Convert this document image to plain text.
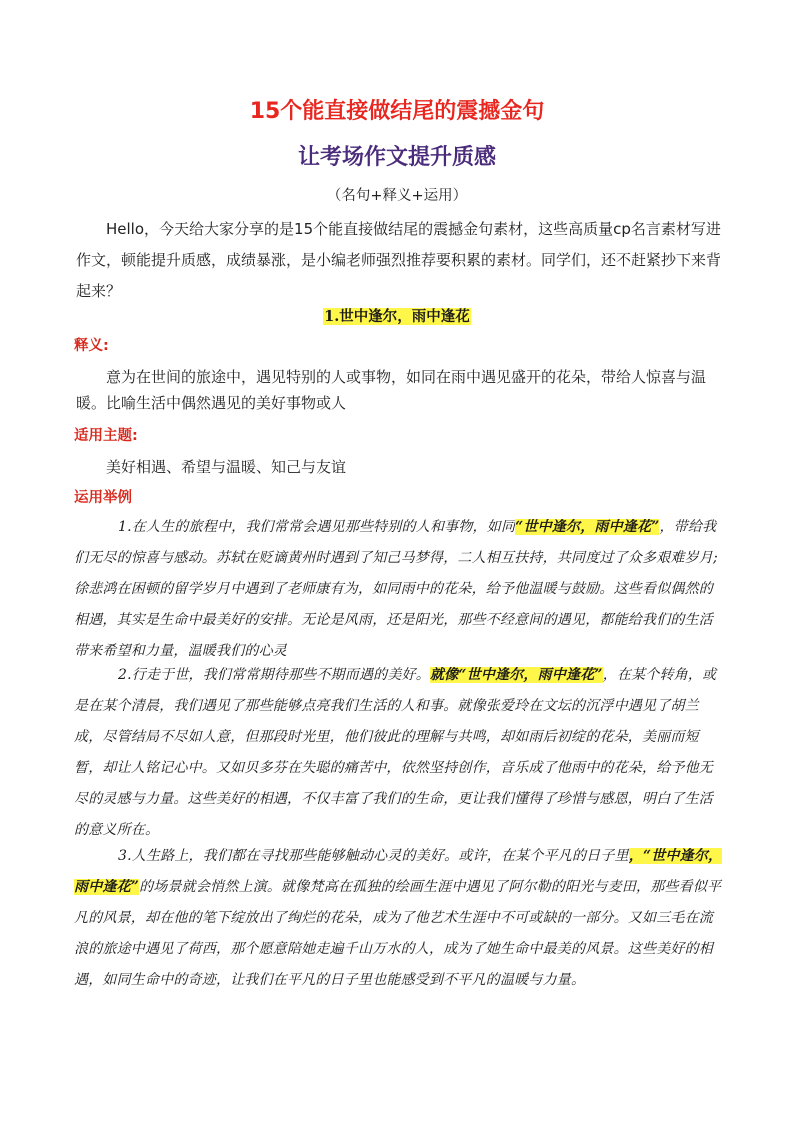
15个能直接做结尾的震撼金句
让考场作文提升质感
（名句+释义+运用）

Hello，今天给大家分享的是15个能直接做结尾的震撼金句素材，这些高质量cp名言素材写进作文，顿能提升质感，成绩暴涨，是小编老师强烈推荐要积累的素材。同学们，还不赶紧抄下来背起来？

1.世中逢尔，雨中逢花
释义:

意为在世间的旅途中，遇见特别的人或事物，如同在雨中遇见盛开的花朵，带给人惊喜与温暖。比喻生活中偶然遇见的美好事物或人

适用主题:

美好相遇、希望与温暖、知己与友谊

运用举例

1.在人生的旅程中，我们常常会遇见那些特别的人和事物，如同“世中逢尔，雨中逢花”，带给我们无尽的惊喜与感动。苏轼在贬谪黄州时遇到了知己马梦得，二人相互扶持，共同度过了众多艰难岁月;徐悲鸿在困顿的留学岁月中遇到了老师康有为，如同雨中的花朵，给予他温暖与鼓励。这些看似偶然的相遇，其实是生命中最美好的安排。无论是风雨，还是阳光，那些不经意间的遇见，都能给我们的生活带来希望和力量，温暖我们的心灵

2.行走于世，我们常常期待那些不期而遇的美好。就像“世中逢尔，雨中逢花”，在某个转角，或是在某个清晨，我们遇见了那些能够点亮我们生活的人和事。就像张爱玲在文坛的沉浮中遇见了胡兰成，尽管结局不尽如人意，但那段时光里，他们彼此的理解与共鸣，却如雨后初绽的花朵，美丽而短暂，却让人铭记心中。又如贝多芬在失聪的痛苦中，依然坚持创作，音乐成了他雨中的花朵，给予他无尽的灵感与力量。这些美好的相遇，不仅丰富了我们的生命，更让我们懂得了珍惜与感恩，明白了生活的意义所在。

3.人生路上，我们都在寻找那些能够触动心灵的美好。或许，在某个平凡的日子里，“世中逢尔，雨中逢花”的场景就会悄然上演。就像梵高在孤独的绘画生涯中遇见了阿尔勒的阳光与麦田，那些看似平凡的风景，却在他的笔下绽放出了绚烂的花朵，成为了他艺术生涯中不可或缺的一部分。又如三毛在流浪的旅途中遇见了荷西，那个愿意陪她走遍千山万水的人，成为了她生命中最美的风景。这些美好的相遇，如同生命中的奇迹，让我们在平凡的日子里也能感受到不平凡的温暖与力量。
